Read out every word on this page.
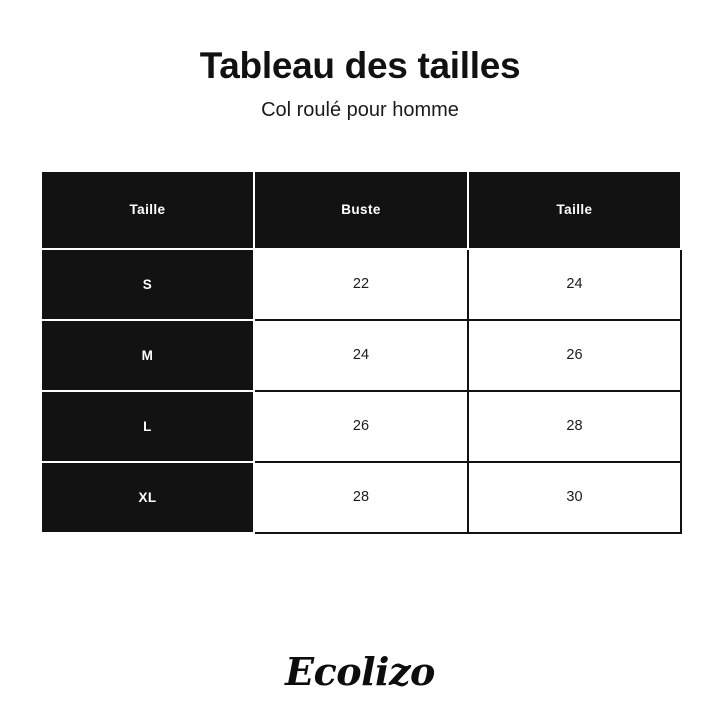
Tableau des tailles
Col roulé pour homme
Taille	Buste	Taille
S	22	24
M	24	26
L	26	28
XL	28	30
Ecolizo
